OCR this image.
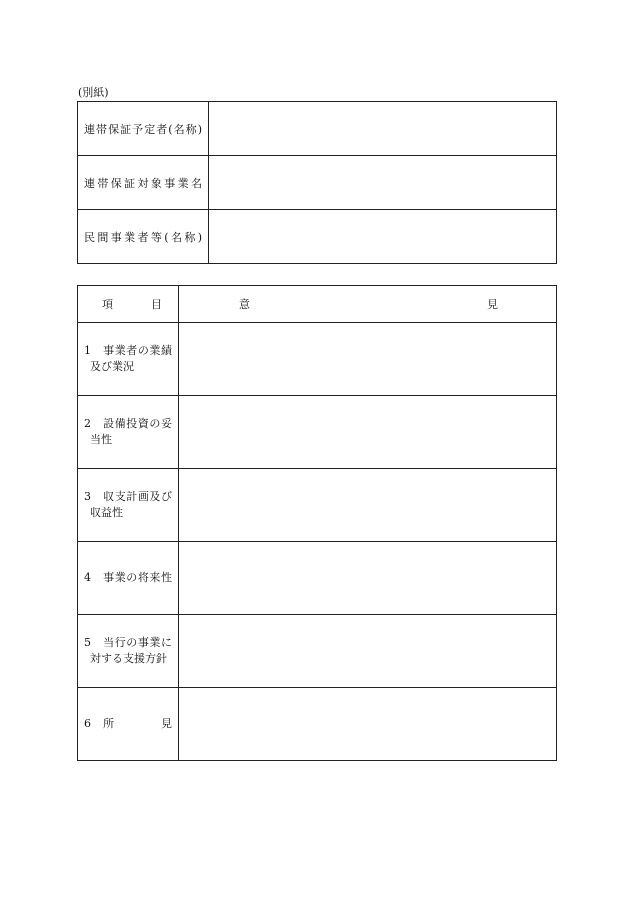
(別紙)
連帯保証予定者(名称)	

連帯保証対象事業名	

民間事業者等(名称)	

項 目	意 見

1　事業者の業績
及び業況	

2　設備投資の妥
当性	

3　収支計画及び
収益性	

4　事業の将来性	

5　当行の事業に
対する支援方針	

6　所　　　　見	
